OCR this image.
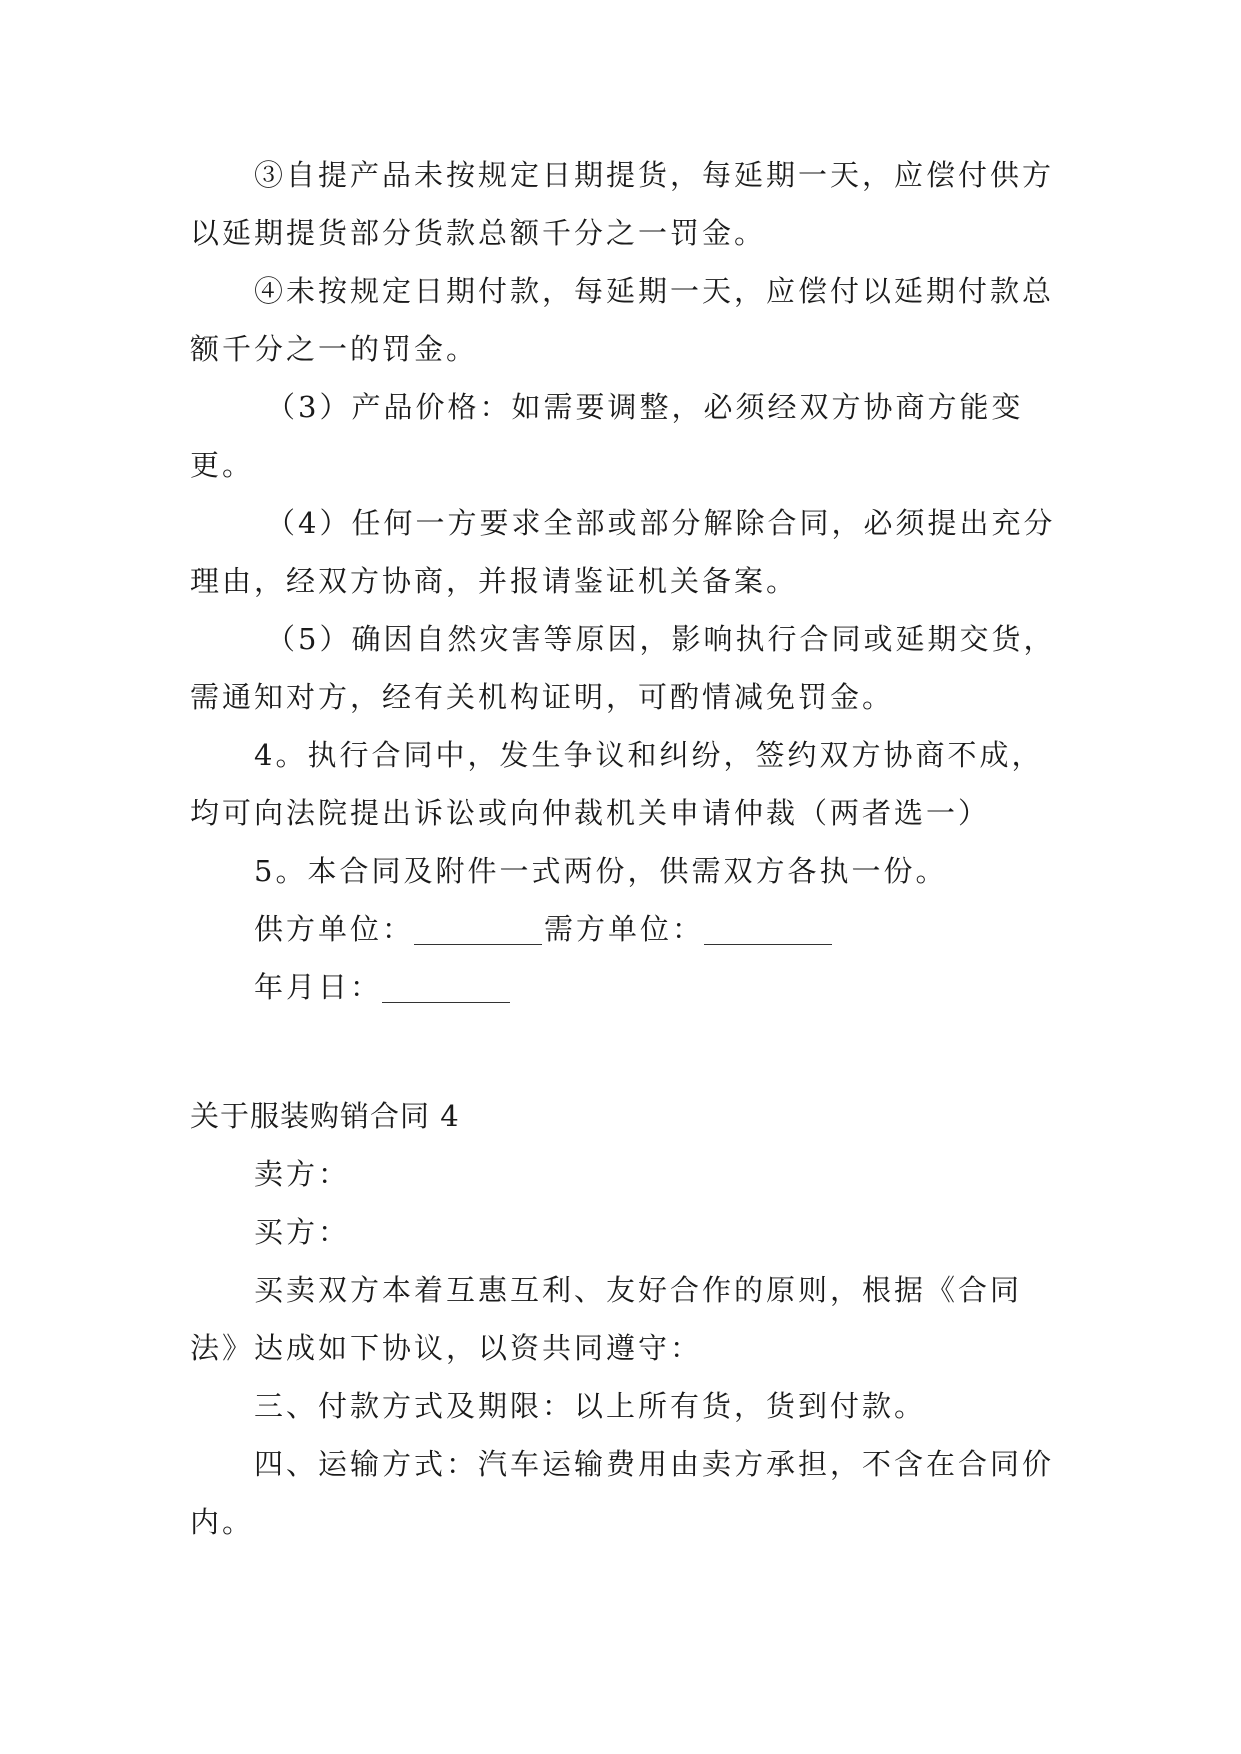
③自提产品未按规定日期提货，每延期一天，应偿付供方以延期提货部分货款总额千分之一罚金。

④未按规定日期付款，每延期一天，应偿付以延期付款总额千分之一的罚金。

（3）产品价格：如需要调整，必须经双方协商方能变更。

（4）任何一方要求全部或部分解除合同，必须提出充分理由，经双方协商，并报请鉴证机关备案。

（5）确因自然灾害等原因，影响执行合同或延期交货，需通知对方，经有关机构证明，可酌情减免罚金。

4。执行合同中，发生争议和纠纷，签约双方协商不成，均可向法院提出诉讼或向仲裁机关申请仲裁（两者选一）

5。本合同及附件一式两份，供需双方各执一份。

供方单位：	需方单位：

年月日：

关于服装购销合同 4

卖方：

买方：

买卖双方本着互惠互利、友好合作的原则，根据《合同法》达成如下协议，以资共同遵守：

三、付款方式及期限：以上所有货，货到付款。

四、运输方式：汽车运输费用由卖方承担，不含在合同价内。
